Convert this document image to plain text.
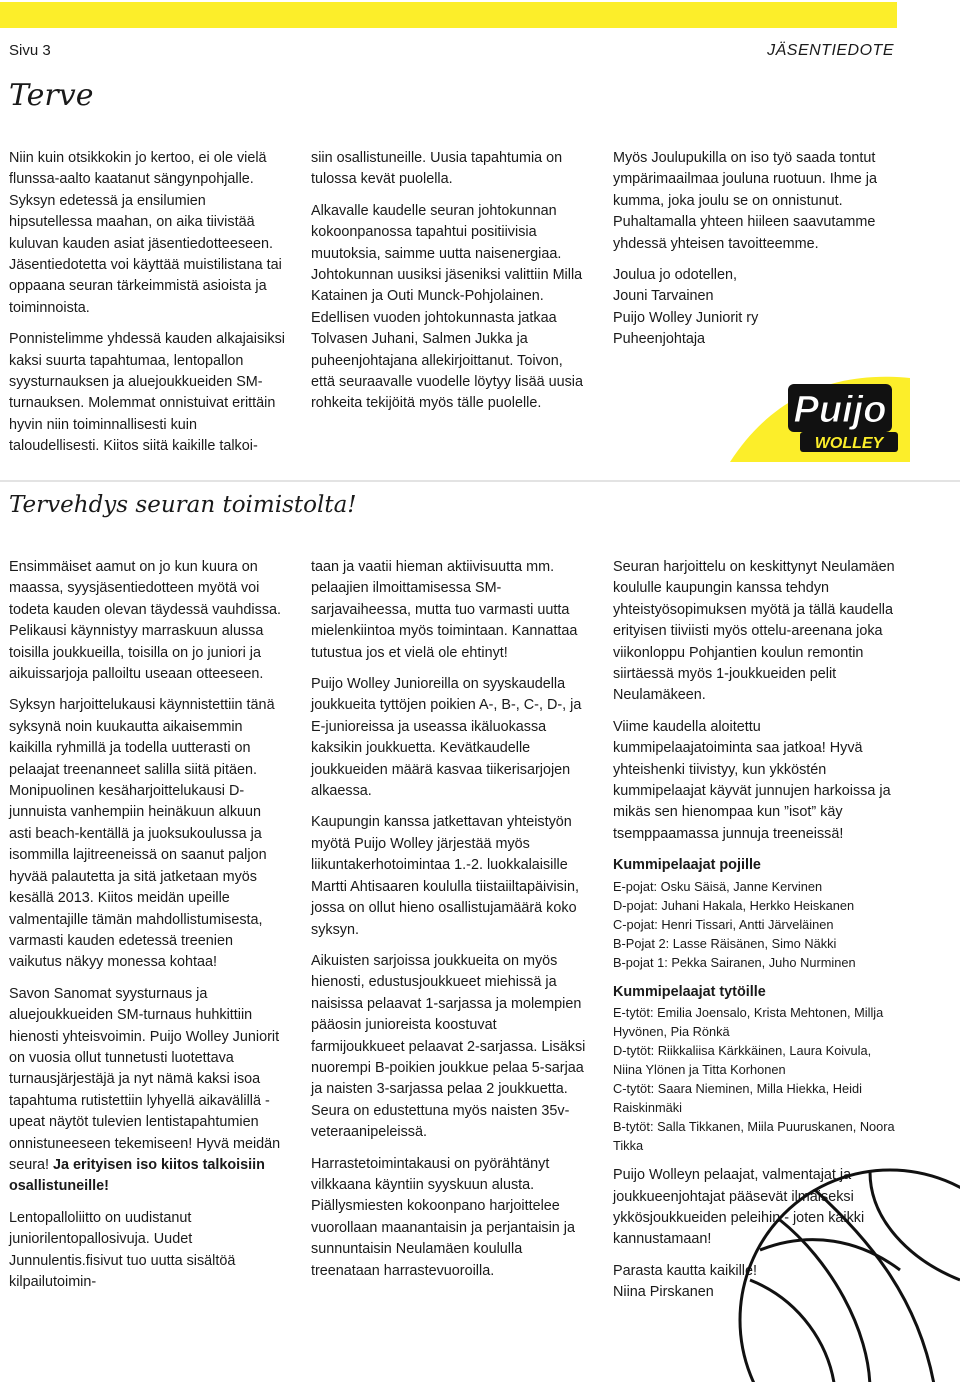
Sivu 3	JÄSENTIEDOTE
Terve

Niin kuin otsikkokin jo kertoo, ei ole vielä flunssa-aalto kaatanut sängynpohjalle. Syksyn edetessä ja ensilumien hipsutellessa maahan, on aika tiivistää kuluvan kauden asiat jäsentiedotteeseen. Jäsentiedotetta voi käyttää muistilistana tai oppaana seuran tärkeimmistä asioista ja toiminnoista.

Ponnistelimme yhdessä kauden alkajaisiksi kaksi suurta tapahtumaa, lentopallon syysturnauksen ja aluejoukkueiden SM-turnauksen. Molemmat onnistuivat erittäin hyvin niin toiminnallisesti kuin taloudellisesti. Kiitos siitä kaikille talkoi-

siin osallistuneille. Uusia tapahtumia on tulossa kevät puolella.

Alkavalle kaudelle seuran johtokunnan kokoonpanossa tapahtui positiivisia muutoksia, saimme uutta naisenergiaa. Johtokunnan uusiksi jäseniksi valittiin Milla Katainen ja Outi Munck-Pohjolainen. Edellisen vuoden johtokunnasta jatkaa Tolvasen Juhani, Salmen Jukka ja puheenjohtajana allekirjoittanut. Toivon, että seuraavalle vuodelle löytyy lisää uusia rohkeita tekijöitä myös tälle puolelle.

Myös Joulupukilla on iso työ saada tontut ympärimaailmaa jouluna ruotuun. Ihme ja kumma, joka joulu se on onnistunut. Puhaltamalla yhteen hiileen saavutamme yhdessä yhteisen tavoitteemme.

Joulua jo odotellen,
Jouni Tarvainen
Puijo Wolley Juniorit ry
Puheenjohtaja
Puijo
WOLLEY
Tervehdys seuran toimistolta!

Ensimmäiset aamut on jo kun kuura on maassa, syysjäsentiedotteen myötä voi todeta kauden olevan täydessä vauhdissa. Pelikausi käynnistyy marraskuun alussa toisilla joukkueilla, toisilla on jo juniori ja aikuissarjoja palloiltu useaan otteeseen.

Syksyn harjoittelukausi käynnistettiin tänä syksynä noin kuukautta aikaisemmin kaikilla ryhmillä ja todella uutterasti on pelaajat treenanneet salilla siitä pitäen. Monipuolinen kesäharjoittelukausi D-junnuista vanhempiin heinäkuun alkuun asti beach-kentällä ja juoksukoulussa ja isommilla lajitreeneissä on saanut paljon hyvää palautetta ja sitä jatketaan myös kesällä 2013. Kiitos meidän upeille valmentajille tämän mahdollistumisesta, varmasti kauden edetessä treenien vaikutus näkyy monessa kohtaa!

Savon Sanomat syysturnaus ja aluejoukkueiden SM-turnaus huhkittiin hienosti yhteisvoimin. Puijo Wolley Juniorit on vuosia ollut tunnetusti luotettava turnausjärjestäjä ja nyt nämä kaksi isoa tapahtuma rutistettiin lyhyellä aikavälillä - upeat näytöt tulevien lentistapahtumien onnistuneeseen tekemiseen! Hyvä meidän seura! Ja erityisen iso kiitos talkoisiin osallistuneille!

Lentopalloliitto on uudistanut juniorilentopallosivuja. Uudet Junnulentis.fisivut tuo uutta sisältöä kilpailutoimin-

taan ja vaatii hieman aktiivisuutta mm. pelaajien ilmoittamisessa SM-sarjavaiheessa, mutta tuo varmasti uutta mielenkiintoa myös toimintaan. Kannattaa tutustua jos et vielä ole ehtinyt!

Puijo Wolley Junioreilla on syyskaudella joukkueita tyttöjen poikien A-, B-, C-, D-, ja E-junioreissa ja useassa ikäluokassa kaksikin joukkuetta. Kevätkaudelle joukkueiden määrä kasvaa tiikerisarjojen alkaessa.

Kaupungin kanssa jatkettavan yhteistyön myötä Puijo Wolley järjestää myös liikuntakerhotoimintaa 1.-2. luokkalaisille Martti Ahtisaaren koululla tiistaiiltapäivisin, jossa on ollut hieno osallistujamäärä koko syksyn.

Aikuisten sarjoissa joukkueita on myös hienosti, edustusjoukkueet miehissä ja naisissa pelaavat 1-sarjassa ja molempien pääosin junioreista koostuvat farmijoukkueet pelaavat 2-sarjassa. Lisäksi nuorempi B-poikien joukkue pelaa 5-sarjaa ja naisten 3-sarjassa pelaa 2 joukkuetta. Seura on edustettuna myös naisten 35v-veteraanipeleissä.

Harrastetoimintakausi on pyörähtänyt vilkkaana käyntiin syyskuun alusta. Piällysmiesten kokoonpano harjoittelee vuorollaan maanantaisin ja perjantaisin ja sunnuntaisin Neulamäen koululla treenataan harrastevuoroilla.

Seuran harjoittelu on keskittynyt Neulamäen koululle kaupungin kanssa tehdyn yhteistyösopimuksen myötä ja tällä kaudella erityisen tiiviisti myös ottelu-areenana joka viikonloppu Pohjantien koulun remontin siirtäessä myös 1-joukkueiden pelit Neulamäkeen.

Viime kaudella aloitettu kummipelaajatoiminta saa jatkoa! Hyvä yhteishenki tiivistyy, kun ykköstén kummipelaajat käyvät junnujen harkoissa ja mikäs sen hienompaa kun ”isot” käy tsemppaamassa junnuja treeneissä!

Kummipelaajat pojille
E-pojat: Osku Säisä, Janne Kervinen
D-pojat: Juhani Hakala, Herkko Heiskanen
C-pojat: Henri Tissari, Antti Järveläinen
B-Pojat 2: Lasse Räisänen, Simo Näkki
B-pojat 1: Pekka Sairanen, Juho Nurminen
Kummipelaajat tytöille
E-tytöt: Emilia Joensalo, Krista Mehtonen, Millja Hyvönen, Pia Rönkä
D-tytöt: Riikkaliisa Kärkkäinen, Laura Koivula, Niina Ylönen ja Titta Korhonen
C-tytöt: Saara Nieminen, Milla Hiekka, Heidi Raiskinmäki
B-tytöt: Salla Tikkanen, Miila Puuruskanen, Noora Tikka

Puijo Wolleyn pelaajat, valmentajat ja joukkueenjohtajat pääsevät ilmaiseksi ykkösjoukkueiden peleihin - joten kaikki kannustamaan!

Parasta kautta kaikille!
Niina Pirskanen
